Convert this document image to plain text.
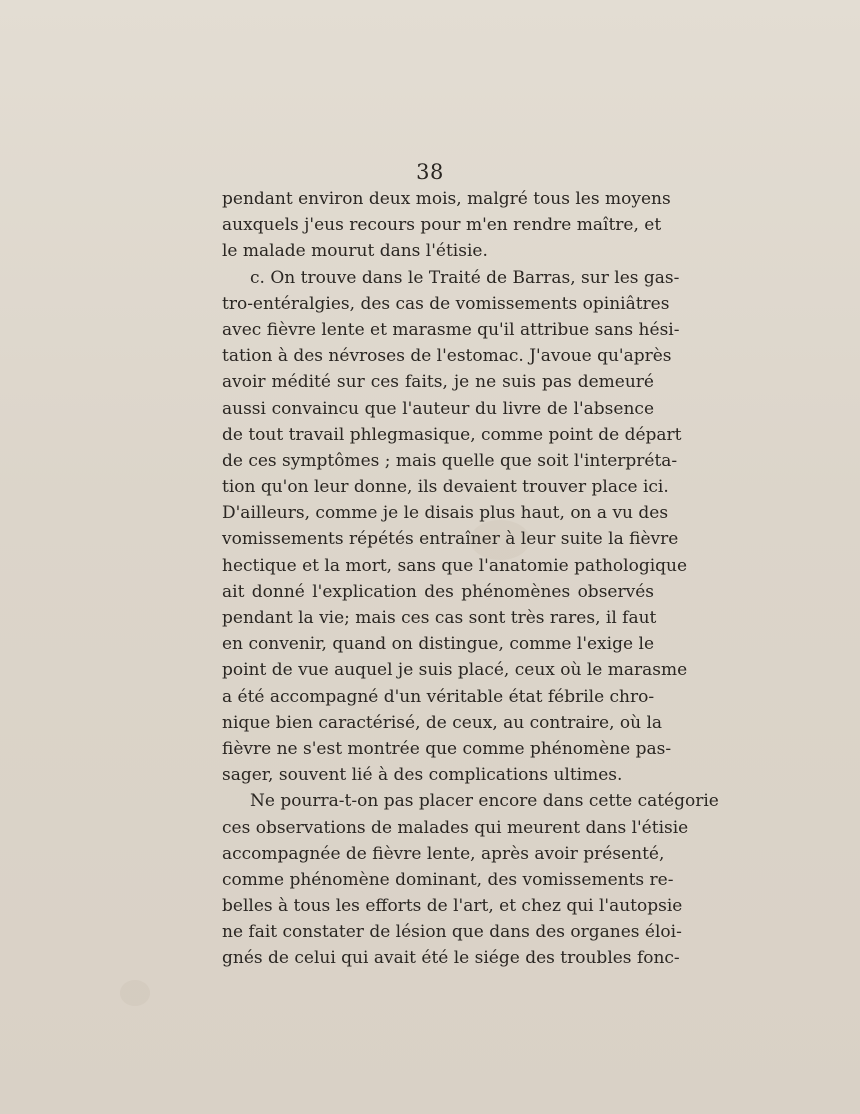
38
pendant environ deux mois, malgré tous les moyens
auxquels j'eus recours pour m'en rendre maître, et
le malade mourut dans l'étisie.
c. On trouve dans le Traité de Barras, sur les gas-
tro-entéralgies, des cas de vomissements opiniâtres
avec fièvre lente et marasme qu'il attribue sans hési-
tation à des névroses de l'estomac. J'avoue qu'après
avoir médité sur ces faits, je ne suis pas demeuré
aussi convaincu que l'auteur du livre de l'absence
de tout travail phlegmasique, comme point de départ
de ces symptômes ; mais quelle que soit l'interpréta-
tion qu'on leur donne, ils devaient trouver place ici.
D'ailleurs, comme je le disais plus haut, on a vu des
vomissements répétés entraîner à leur suite la fièvre
hectique et la mort, sans que l'anatomie pathologique
ait donné l'explication des phénomènes observés
pendant la vie; mais ces cas sont très rares, il faut
en convenir, quand on distingue, comme l'exige le
point de vue auquel je suis placé, ceux où le marasme
a été accompagné d'un véritable état fébrile chro-
nique bien caractérisé, de ceux, au contraire, où la
fièvre ne s'est montrée que comme phénomène pas-
sager, souvent lié à des complications ultimes.
Ne pourra-t-on pas placer encore dans cette catégorie
ces observations de malades qui meurent dans l'étisie
accompagnée de fièvre lente, après avoir présenté,
comme phénomène dominant, des vomissements re-
belles à tous les efforts de l'art, et chez qui l'autopsie
ne fait constater de lésion que dans des organes éloi-
gnés de celui qui avait été le siége des troubles fonc-
